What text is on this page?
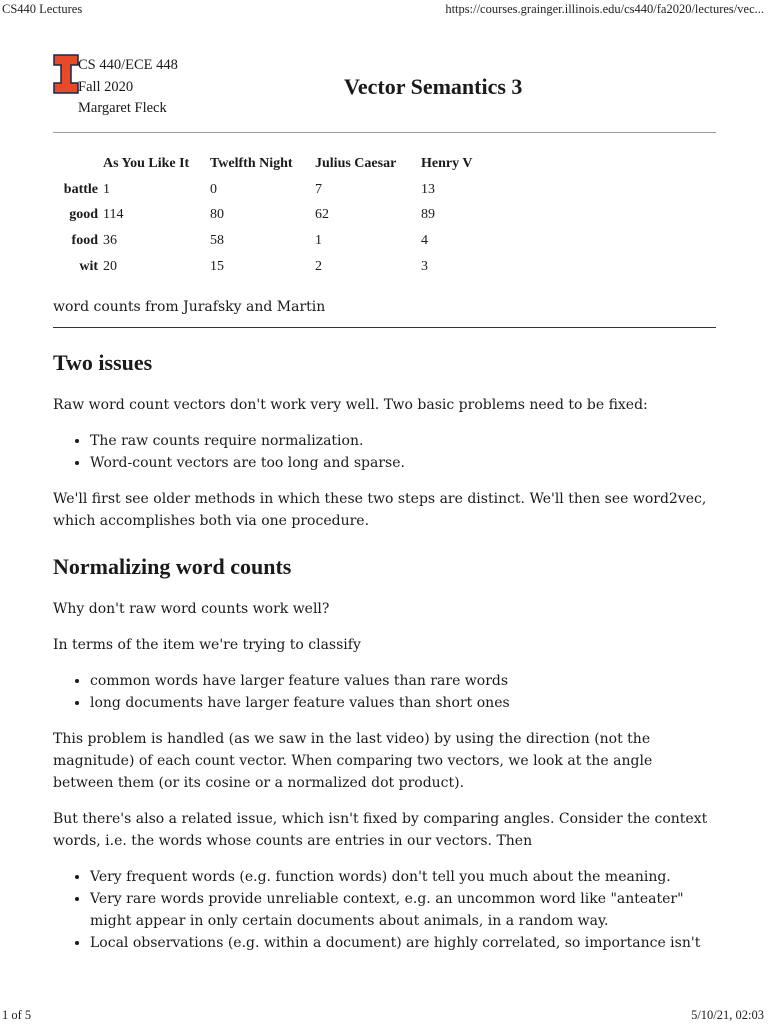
CS440 Lectures	https://courses.grainger.illinois.edu/cs440/fa2020/lectures/vec...
CS 440/ECE 448
Fall 2020
Margaret Fleck
Vector Semantics 3
	As You Like It	Twelfth Night	Julius Caesar	Henry V
battle	1	0	7	13
good	114	80	62	89
food	36	58	1	4
wit	20	15	2	3

word counts from Jurafsky and Martin

Two issues

Raw word count vectors don't work very well. Two basic problems need to be fixed:

• The raw counts require normalization.
• Word-count vectors are too long and sparse.

We'll first see older methods in which these two steps are distinct. We'll then see word2vec, which accomplishes both via one procedure.

Normalizing word counts

Why don't raw word counts work well?

In terms of the item we're trying to classify

• common words have larger feature values than rare words
• long documents have larger feature values than short ones

This problem is handled (as we saw in the last video) by using the direction (not the magnitude) of each count vector. When comparing two vectors, we look at the angle between them (or its cosine or a normalized dot product).

But there's also a related issue, which isn't fixed by comparing angles. Consider the context words, i.e. the words whose counts are entries in our vectors. Then

• Very frequent words (e.g. function words) don't tell you much about the meaning.
• Very rare words provide unreliable context, e.g. an uncommon word like "anteater" might appear in only certain documents about animals, in a random way.
• Local observations (e.g. within a document) are highly correlated, so importance isn't
1 of 5	5/10/21, 02:03
